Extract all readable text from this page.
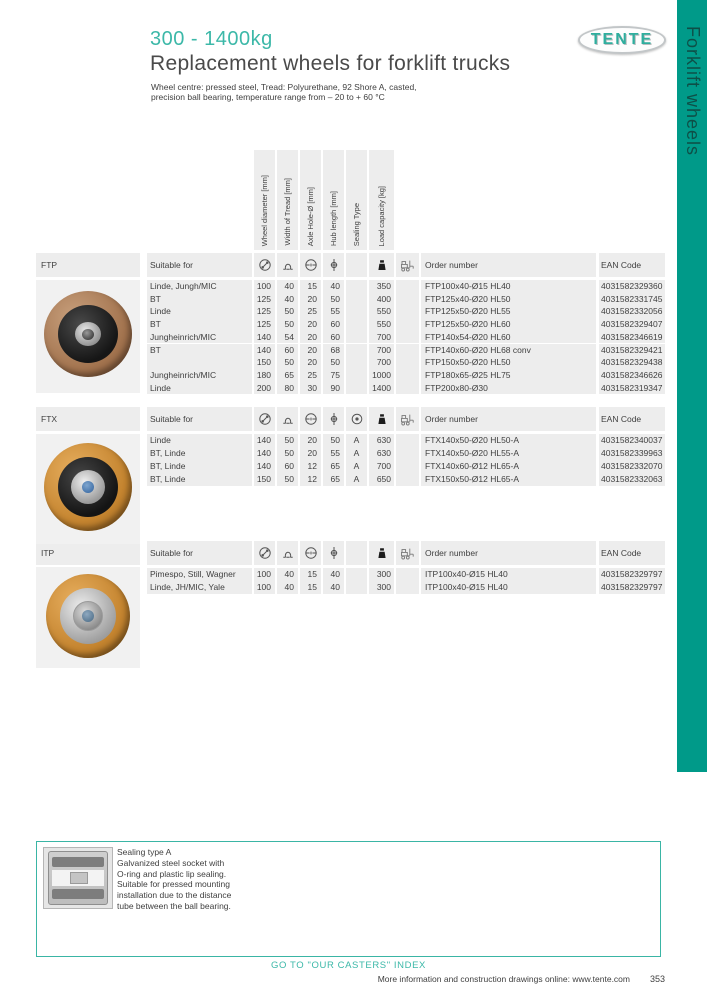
300 - 1400kg
Replacement wheels for forklift trucks
Wheel centre: pressed steel, Tread: Polyurethane, 92 Shore A, casted,
precision ball bearing, temperature range from – 20 to + 60 °C
TENTE Forklift wheels
Wheel diameter [mm] Width of Tread [mm] Axle Hole-Ø [mm] Hub length [mm] Sealing Type Load capacity [kg]
FTP	Suitable for	Order number	EAN Code
Linde, Jungh/MIC	100	40	15	40	350	FTP100x40-Ø15 HL40	4031582329360
BT	125	40	20	50	400	FTP125x40-Ø20 HL50	4031582331745
Linde	125	50	25	55	550	FTP125x50-Ø20 HL55	4031582332056
BT	125	50	20	60	550	FTP125x50-Ø20 HL60	4031582329407
Jungheinrich/MIC	140	54	20	60	700	FTP140x54-Ø20 HL60	4031582346619
BT	140	60	20	68	700	FTP140x60-Ø20 HL68 conv	4031582329421
150	50	20	50	700	FTP150x50-Ø20 HL50	4031582329438
Jungheinrich/MIC	180	65	25	75	1000	FTP180x65-Ø25 HL75	4031582346626
Linde	200	80	30	90	1400	FTP200x80-Ø30	4031582319347
FTX	Suitable for	Order number	EAN Code
Linde	140	50	20	50	A	630	FTX140x50-Ø20 HL50-A	4031582340037
BT, Linde	140	50	20	55	A	630	FTX140x50-Ø20 HL55-A	4031582339963
BT, Linde	140	60	12	65	A	700	FTX140x60-Ø12 HL65-A	4031582332070
BT, Linde	150	50	12	65	A	650	FTX150x50-Ø12 HL65-A	4031582332063
ITP	Suitable for	Order number	EAN Code
Pimespo, Still, Wagner	100	40	15	40	300	ITP100x40-Ø15 HL40	4031582329797
Linde, JH/MIC, Yale	100	40	15	40	300	ITP100x40-Ø15 HL40	4031582329797
Sealing type A
Galvanized steel socket with O-ring and plastic lip sealing. Suitable for pressed mounting installation due to the distance tube between the ball bearing.
GO TO "OUR CASTERS" INDEX
More information and construction drawings online: www.tente.com 353
